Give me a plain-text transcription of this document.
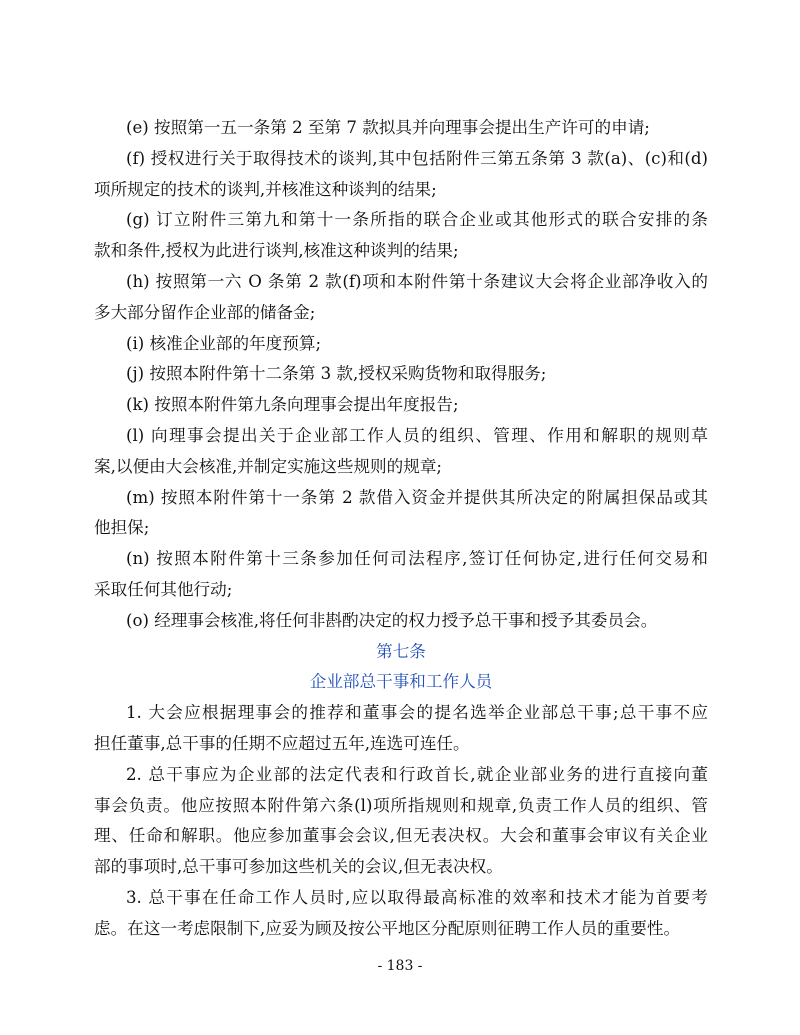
(e) 按照第一五一条第 2 至第 7 款拟具并向理事会提出生产许可的申请;
(f) 授权进行关于取得技术的谈判,其中包括附件三第五条第 3 款(a)、(c)和(d)
项所规定的技术的谈判,并核准这种谈判的结果;
(g) 订立附件三第九和第十一条所指的联合企业或其他形式的联合安排的条
款和条件,授权为此进行谈判,核准这种谈判的结果;
(h) 按照第一六 O 条第 2 款(f)项和本附件第十条建议大会将企业部净收入的
多大部分留作企业部的储备金;
(i) 核准企业部的年度预算;
(j) 按照本附件第十二条第 3 款,授权采购货物和取得服务;
(k) 按照本附件第九条向理事会提出年度报告;
(l) 向理事会提出关于企业部工作人员的组织、管理、作用和解职的规则草
案,以便由大会核准,并制定实施这些规则的规章;
(m) 按照本附件第十一条第 2 款借入资金并提供其所决定的附属担保品或其
他担保;
(n) 按照本附件第十三条参加任何司法程序,签订任何协定,进行任何交易和
采取任何其他行动;
(o) 经理事会核准,将任何非斟酌决定的权力授予总干事和授予其委员会。
第七条
企业部总干事和工作人员
1. 大会应根据理事会的推荐和董事会的提名选举企业部总干事;总干事不应
担任董事,总干事的任期不应超过五年,连选可连任。
2. 总干事应为企业部的法定代表和行政首长,就企业部业务的进行直接向董
事会负责。他应按照本附件第六条(l)项所指规则和规章,负责工作人员的组织、管
理、任命和解职。他应参加董事会会议,但无表决权。大会和董事会审议有关企业
部的事项时,总干事可参加这些机关的会议,但无表决权。
3. 总干事在任命工作人员时,应以取得最高标准的效率和技术才能为首要考
虑。在这一考虑限制下,应妥为顾及按公平地区分配原则征聘工作人员的重要性。
- 183 -
